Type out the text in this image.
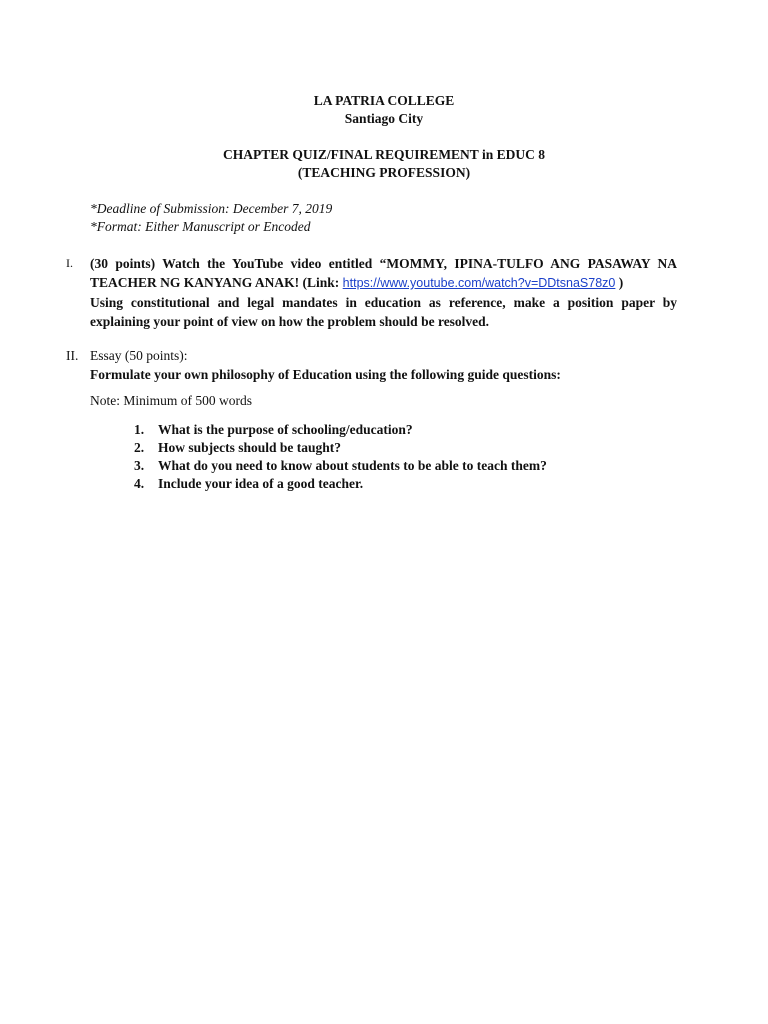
LA PATRIA COLLEGE
Santiago City
CHAPTER QUIZ/FINAL REQUIREMENT in EDUC 8
(TEACHING PROFESSION)
*Deadline of Submission: December 7, 2019
*Format: Either Manuscript or Encoded
I. (30 points) Watch the YouTube video entitled “MOMMY, IPINA-TULFO ANG PASAWAY NA TEACHER NG KANYANG ANAK! (Link: https://www.youtube.com/watch?v=DDtsnaS78z0 )
Using constitutional and legal mandates in education as reference, make a position paper by explaining your point of view on how the problem should be resolved.
II. Essay (50 points):
Formulate your own philosophy of Education using the following guide questions:
Note: Minimum of 500 words
1. What is the purpose of schooling/education?
2. How subjects should be taught?
3. What do you need to know about students to be able to teach them?
4. Include your idea of a good teacher.
